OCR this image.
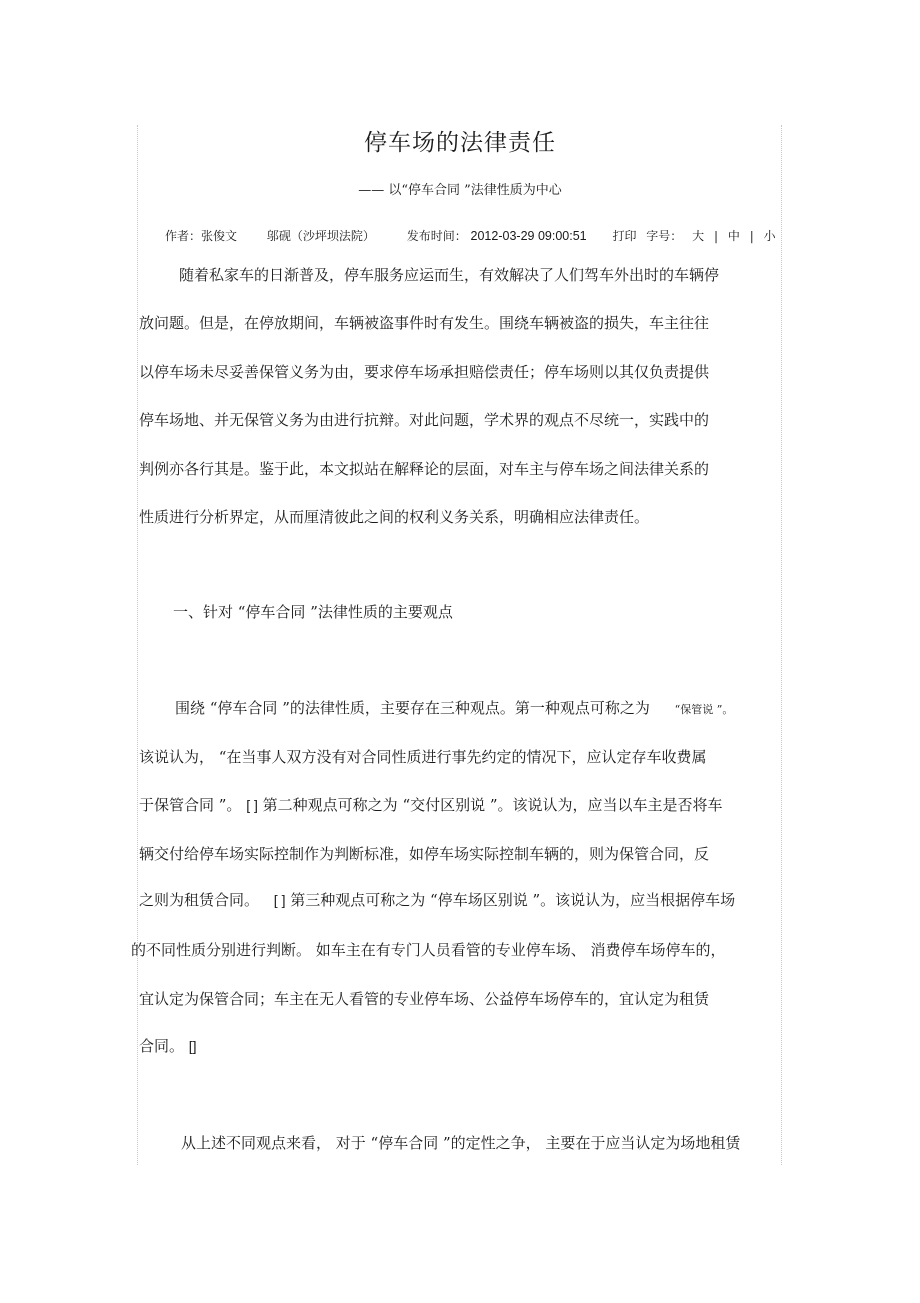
停车场的法律责任
—— 以“停车合同 ”法律性质为中心
作者：张俊文 邬砚（沙坪坝法院）	发布时间： 2012-03-29 09:00:51 打印 字号： 大 | 中 | 小
随着私家车的日渐普及，停车服务应运而生，有效解决了人们驾车外出时的车辆停
放问题。但是，在停放期间，车辆被盗事件时有发生。围绕车辆被盗的损失，车主往往
以停车场未尽妥善保管义务为由，要求停车场承担赔偿责任；停车场则以其仅负责提供
停车场地、并无保管义务为由进行抗辩。对此问题，学术界的观点不尽统一，实践中的
判例亦各行其是。鉴于此，本文拟站在解释论的层面，对车主与停车场之间法律关系的
性质进行分析界定，从而厘清彼此之间的权利义务关系，明确相应法律责任。
一、针对 “停车合同 ”法律性质的主要观点
围绕 “停车合同 ”的法律性质，主要存在三种观点。第一种观点可称之为 “保管说 ”。
该说认为， “在当事人双方没有对合同性质进行事先约定的情况下，应认定存车收费属
于保管合同 ”。 [ ] 第二种观点可称之为 “交付区别说 ”。该说认为，应当以车主是否将车
辆交付给停车场实际控制作为判断标准，如停车场实际控制车辆的，则为保管合同，反
之则为租赁合同。 [ ] 第三种观点可称之为 “停车场区别说 ”。该说认为，应当根据停车场
的不同性质分别进行判断。 如车主在有专门人员看管的专业停车场、 消费停车场停车的，
宜认定为保管合同；车主在无人看管的专业停车场、公益停车场停车的，宜认定为租赁
合同。 []
从上述不同观点来看， 对于 “停车合同 ”的定性之争， 主要在于应当认定为场地租赁
